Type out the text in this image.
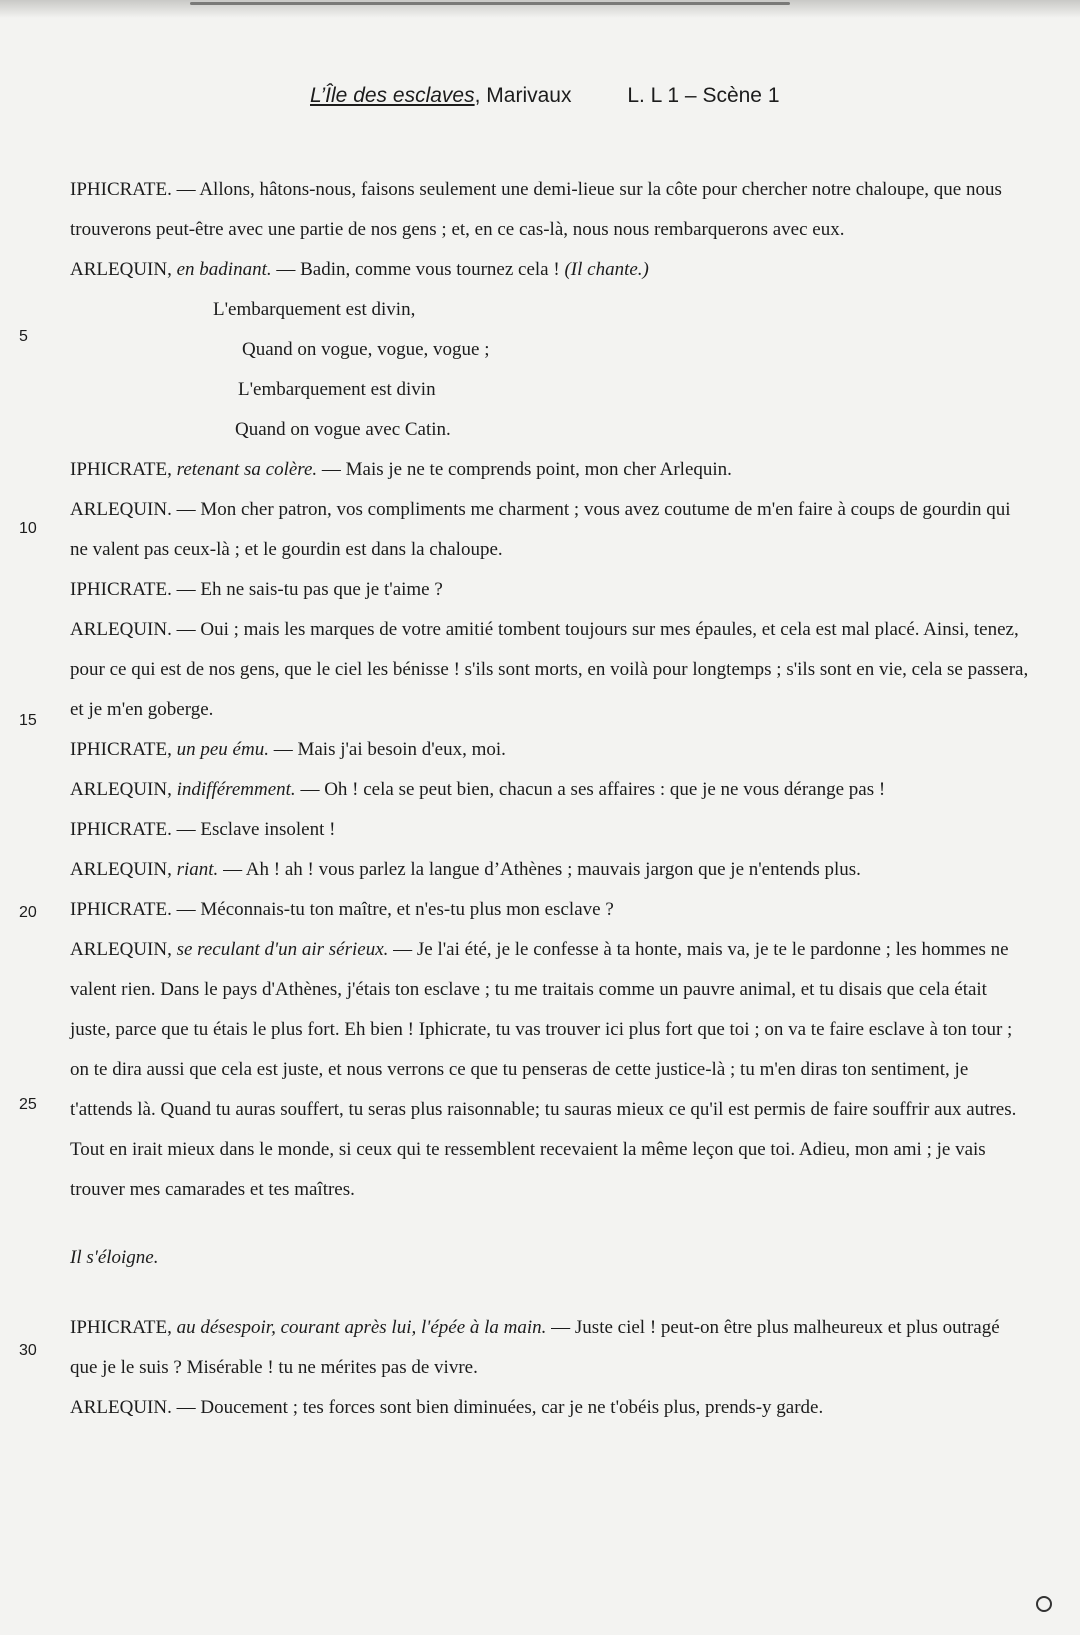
L’Île des esclaves, Marivaux	L. L 1 – Scène 1
5
10
15
20
25
30

IPHICRATE. — Allons, hâtons-nous, faisons seulement une demi-lieue sur la côte pour chercher notre chaloupe, que nous trouverons peut-être avec une partie de nos gens ; et, en ce cas-là, nous nous rembarquerons avec eux.

ARLEQUIN, en badinant. — Badin, comme vous tournez cela ! (Il chante.)

L'embarquement est divin,
Quand on vogue, vogue, vogue ;
L'embarquement est divin
Quand on vogue avec Catin.

IPHICRATE, retenant sa colère. — Mais je ne te comprends point, mon cher Arlequin.

ARLEQUIN. — Mon cher patron, vos compliments me charment ; vous avez coutume de m'en faire à coups de gourdin qui ne valent pas ceux-là ; et le gourdin est dans la chaloupe.

IPHICRATE. — Eh ne sais-tu pas que je t'aime ?

ARLEQUIN. — Oui ; mais les marques de votre amitié tombent toujours sur mes épaules, et cela est mal placé. Ainsi, tenez, pour ce qui est de nos gens, que le ciel les bénisse ! s'ils sont morts, en voilà pour longtemps ; s'ils sont en vie, cela se passera, et je m'en goberge.

IPHICRATE, un peu ému. — Mais j'ai besoin d'eux, moi.

ARLEQUIN, indifféremment. — Oh ! cela se peut bien, chacun a ses affaires : que je ne vous dérange pas !

IPHICRATE. — Esclave insolent !

ARLEQUIN, riant. — Ah ! ah ! vous parlez la langue d’Athènes ; mauvais jargon que je n'entends plus.

IPHICRATE. — Méconnais-tu ton maître, et n'es-tu plus mon esclave ?

ARLEQUIN, se reculant d'un air sérieux. — Je l'ai été, je le confesse à ta honte, mais va, je te le pardonne ; les hommes ne valent rien. Dans le pays d'Athènes, j'étais ton esclave ; tu me traitais comme un pauvre animal, et tu disais que cela était juste, parce que tu étais le plus fort. Eh bien ! Iphicrate, tu vas trouver ici plus fort que toi ; on va te faire esclave à ton tour ; on te dira aussi que cela est juste, et nous verrons ce que tu penseras de cette justice-là ; tu m'en diras ton sentiment, je t'attends là. Quand tu auras souffert, tu seras plus raisonnable; tu sauras mieux ce qu'il est permis de faire souffrir aux autres. Tout en irait mieux dans le monde, si ceux qui te ressemblent recevaient la même leçon que toi. Adieu, mon ami ; je vais trouver mes camarades et tes maîtres.

Il s'éloigne.

IPHICRATE, au désespoir, courant après lui, l'épée à la main. — Juste ciel ! peut-on être plus malheureux et plus outragé que je le suis ? Misérable ! tu ne mérites pas de vivre.

ARLEQUIN. — Doucement ; tes forces sont bien diminuées, car je ne t'obéis plus, prends-y garde.
